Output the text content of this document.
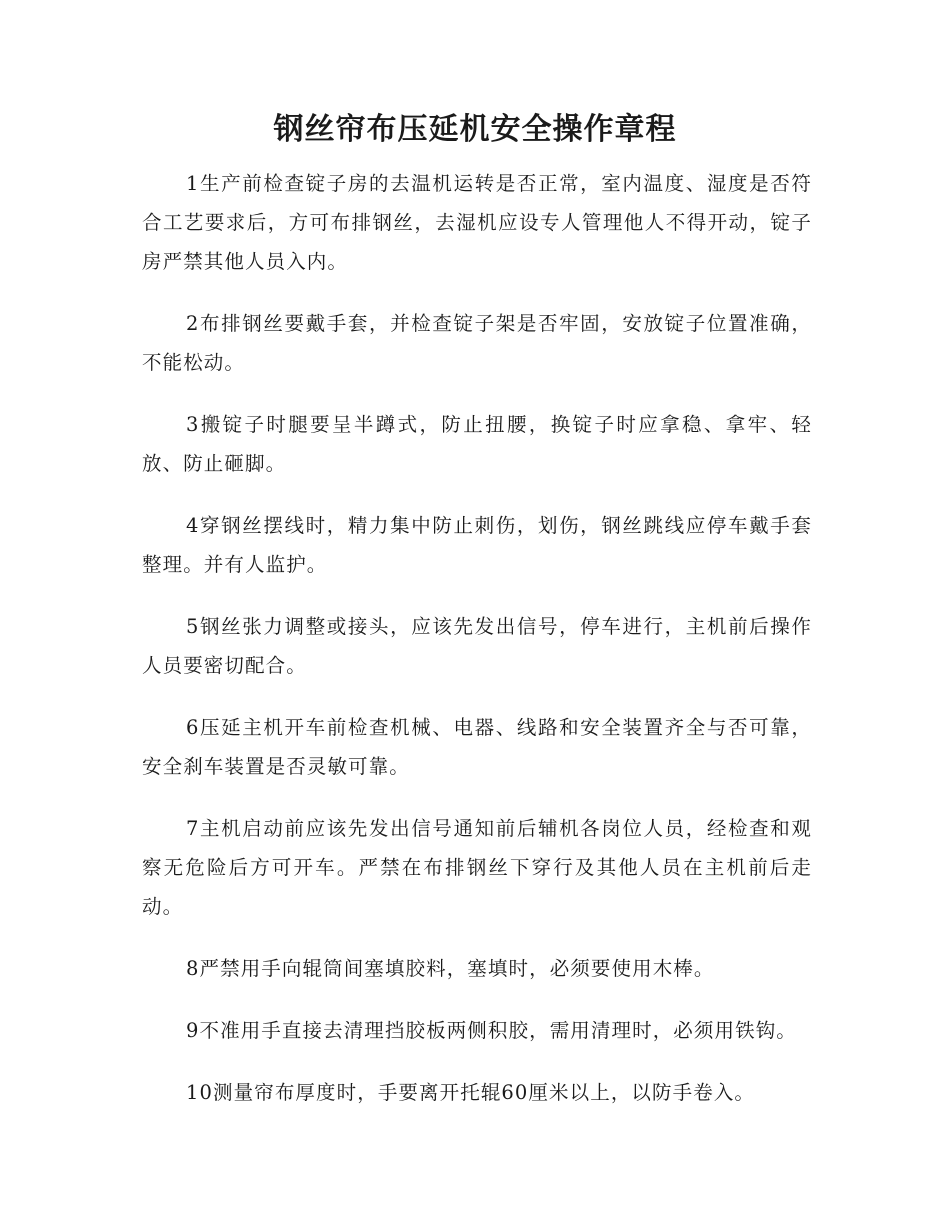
钢丝帘布压延机安全操作章程

1生产前检查锭子房的去温机运转是否正常，室内温度、湿度是否符合工艺要求后，方可布排钢丝，去湿机应设专人管理他人不得开动，锭子房严禁其他人员入内。

2布排钢丝要戴手套，并检查锭子架是否牢固，安放锭子位置准确，不能松动。

3搬锭子时腿要呈半蹲式，防止扭腰，换锭子时应拿稳、拿牢、轻放、防止砸脚。

4穿钢丝摆线时，精力集中防止刺伤，划伤，钢丝跳线应停车戴手套整理。并有人监护。

5钢丝张力调整或接头，应该先发出信号，停车进行，主机前后操作人员要密切配合。

6压延主机开车前检查机械、电器、线路和安全装置齐全与否可靠，安全刹车装置是否灵敏可靠。

7主机启动前应该先发出信号通知前后辅机各岗位人员，经检查和观察无危险后方可开车。严禁在布排钢丝下穿行及其他人员在主机前后走动。

8严禁用手向辊筒间塞填胶料，塞填时，必须要使用木棒。

9不准用手直接去清理挡胶板两侧积胶，需用清理时，必须用铁钩。

10测量帘布厚度时，手要离开托辊60厘米以上，以防手卷入。
